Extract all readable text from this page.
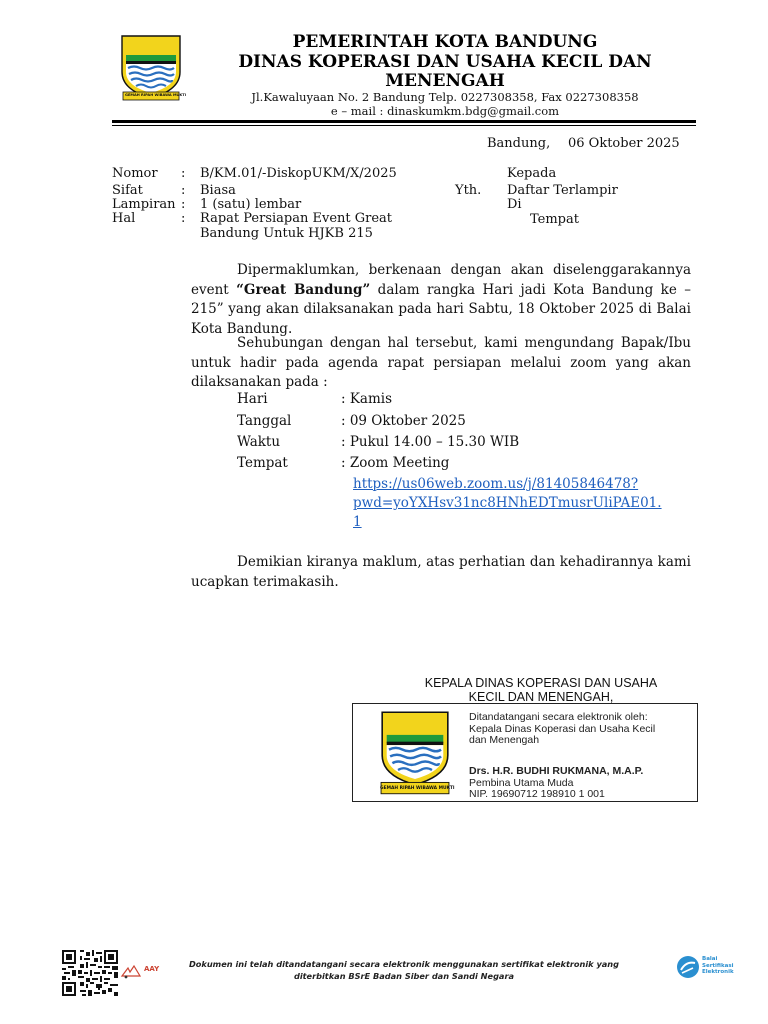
GEMAH RIPAH WIBAWA MUKTI
PEMERINTAH KOTA BANDUNG
DINAS KOPERASI DAN USAHA KECIL DAN
MENENGAH
Jl.Kawaluyaan No. 2 Bandung Telp. 0227308358, Fax 0227308358
e – mail : dinaskumkm.bdg@gmail.com
Bandung, 06 Oktober 2025
Nomor : B/KM.01/-DiskopUKM/X/2025
Sifat	: Biasa
Lampiran : 1 (satu) lembar
Hal	: Rapat Persiapan Event Great
Bandung Untuk HJKB 215
Kepada
Yth. Daftar Terlampir
Di
Tempat
Dipermaklumkan, berkenaan dengan akan diselenggarakannya event “Great Bandung” dalam rangka Hari jadi Kota Bandung ke – 215” yang akan dilaksanakan pada hari Sabtu, 18 Oktober 2025 di Balai Kota Bandung.
Sehubungan dengan hal tersebut, kami mengundang Bapak/Ibu untuk hadir pada agenda rapat persiapan melalui zoom yang akan dilaksanakan pada :
Hari	: Kamis
Tanggal	: 09 Oktober 2025
Waktu	: Pukul 14.00 – 15.30 WIB
Tempat	: Zoom Meeting
https://us06web.zoom.us/j/81405846478?
pwd=yoYXHsv31nc8HNhEDTmusrUliPAE01.
1
Demikian kiranya maklum, atas perhatian dan kehadirannya kami ucapkan terimakasih.
KEPALA DINAS KOPERASI DAN USAHA
KECIL DAN MENENGAH,
GEMAH RIPAH WIBAWA MUKTI
Ditandatangani secara elektronik oleh:
Kepala Dinas Koperasi dan Usaha Kecil
dan Menengah
Drs. H.R. BUDHI RUKMANA, M.A.P.
Pembina Utama Muda
NIP. 19690712 198910 1 001
AAY	Dokumen ini telah ditandatangani secara elektronik menggunakan sertifikat elektronik yang
diterbitkan BSrE Badan Siber dan Sandi Negara
Balai
Sertifikasi
Elektronik
